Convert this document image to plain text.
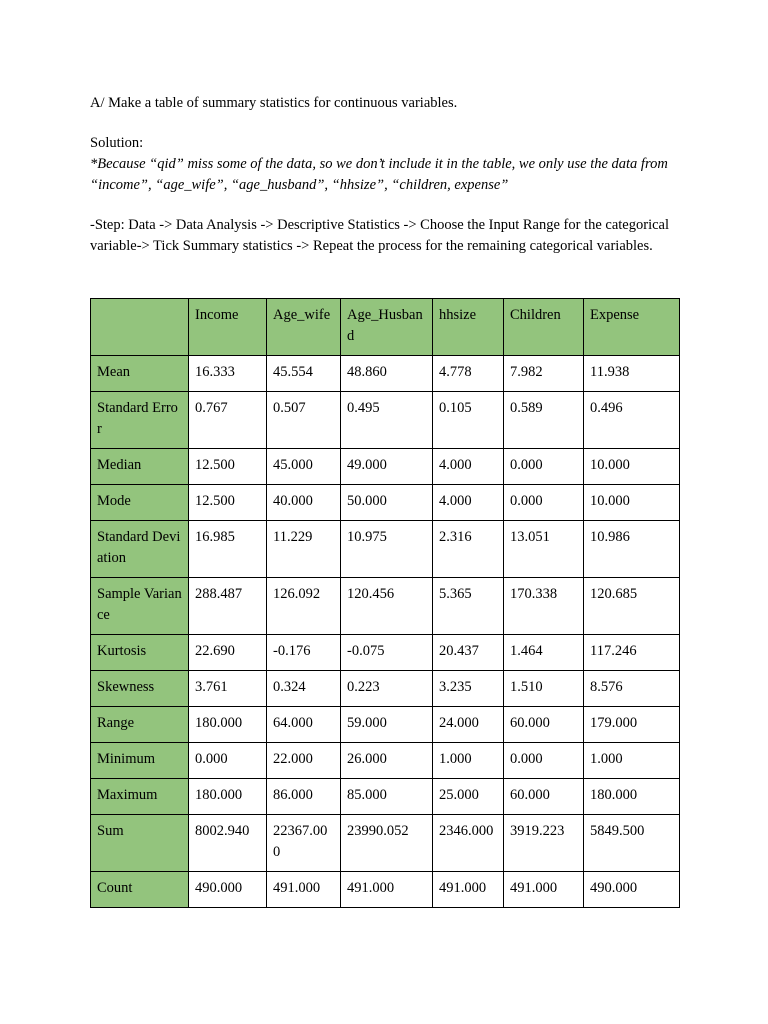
A/ Make a table of summary statistics for continuous variables.

Solution:

*Because “qid” miss some of the data, so we don’t include it in the table, we only use the data from “income”, “age_wife”, “age_husband”, “hhsize”, “children, expense”

-Step: Data -> Data Analysis -> Descriptive Statistics -> Choose the Input Range for the categorical variable-> Tick Summary statistics -> Repeat the process for the remaining categorical variables.

	Income	Age_wife	Age_Husband	hhsize	Children	Expense
Mean	16.333	45.554	48.860	4.778	7.982	11.938
Standard Error	0.767	0.507	0.495	0.105	0.589	0.496
Median	12.500	45.000	49.000	4.000	0.000	10.000
Mode	12.500	40.000	50.000	4.000	0.000	10.000
Standard Deviation	16.985	11.229	10.975	2.316	13.051	10.986
Sample Variance	288.487	126.092	120.456	5.365	170.338	120.685
Kurtosis	22.690	-0.176	-0.075	20.437	1.464	117.246
Skewness	3.761	0.324	0.223	3.235	1.510	8.576
Range	180.000	64.000	59.000	24.000	60.000	179.000
Minimum	0.000	22.000	26.000	1.000	0.000	1.000
Maximum	180.000	86.000	85.000	25.000	60.000	180.000
Sum	8002.940	22367.000	23990.052	2346.000	3919.223	5849.500
Count	490.000	491.000	491.000	491.000	491.000	490.000
